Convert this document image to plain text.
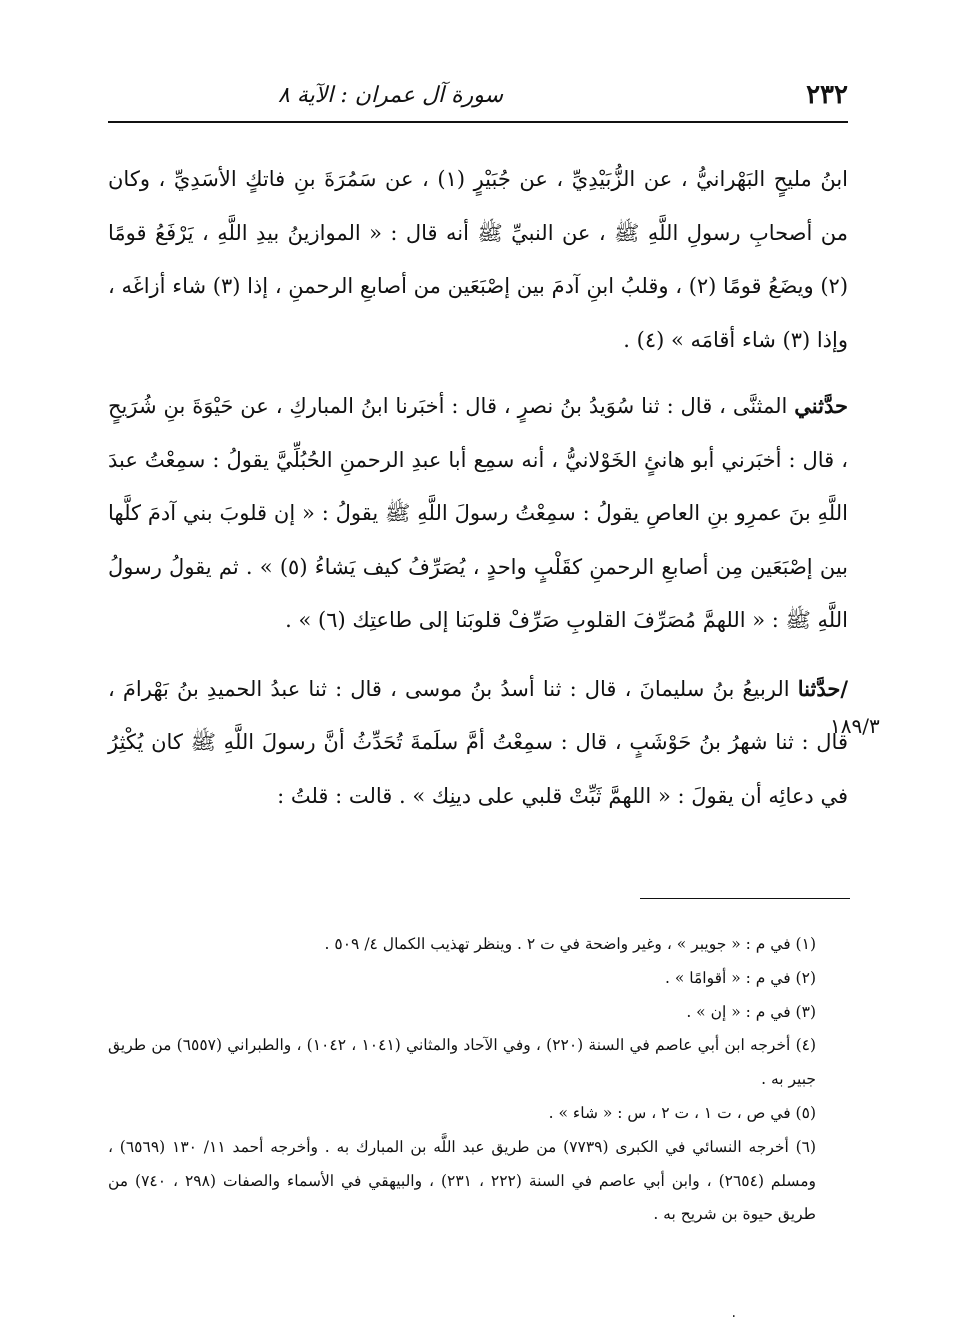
٢٣٢
سورة آل عمران : الآية ٨

ابنُ مليحٍ البَهْرانيُّ ، عن الزُّبَيْدِيِّ ، عن جُبَيْرٍ (١) ، عن سَمُرَةَ بنِ فاتكٍ الأسَدِيِّ ، وكان من أصحابِ رسولِ اللَّهِ ﷺ ، عن النبيِّ ﷺ أنه قال : « الموازينُ بيدِ اللَّهِ ، يَرْفَعُ قومًا (٢) ويضَعُ قومًا (٢) ، وقلبُ ابنِ آدمَ بين إصْبَعَين من أصابعِ الرحمنِ ، إذا (٣) شاء أزاغَه ، وإذا (٣) شاء أقامَه » (٤) .

حدَّثني المثنَّى ، قال : ثنا سُوَيدُ بنُ نصرٍ ، قال : أخبَرنا ابنُ المباركِ ، عن حَيْوَةَ بنِ شُرَيحٍ ، قال : أخبَرني أبو هانئٍ الخَوْلانيُّ ، أنه سمِع أبا عبدِ الرحمنِ الحُبُلِّيَّ يقولُ : سمِعْتُ عبدَ اللَّهِ بنَ عمرِو بنِ العاصِ يقولُ : سمِعْتُ رسولَ اللَّهِ ﷺ يقولُ : « إن قلوبَ بني آدمَ كلَّها بين إصْبَعَين مِن أصابعِ الرحمنِ كقَلْبٍ واحدٍ ، يُصَرِّفُ كيف يَشاءُ (٥) » . ثم يقولُ رسولُ اللَّهِ ﷺ : « اللهمَّ مُصَرِّفَ القلوبِ صَرِّفْ قلوبَنا إلى طاعتِك (٦) » .

/حدَّثنا الربيعُ بنُ سليمانَ ، قال : ثنا أسدُ بنُ موسى ، قال : ثنا عبدُ الحميدِ بنُ بَهْرامَ ، قال : ثنا شهرُ بنُ حَوْشَبٍ ، قال : سمِعْتُ أمَّ سلَمةَ تُحَدِّثُ أنَّ رسولَ اللَّهِ ﷺ كان يُكْثِرُ في دعائِه أن يقولَ : « اللهمَّ ثَبِّتْ قلبي على دينِك » . قالت : قلتُ :

١٨٩/٣

(١) في م : « جويبر » ، وغير واضحة في ت ٢ . وينظر تهذيب الكمال ٤/ ٥٠٩ .

(٢) في م : « أقوامًا » .

(٣) في م : « إن » .

(٤) أخرجه ابن أبي عاصم في السنة (٢٢٠) ، وفي الآحاد والمثاني (١٠٤١ ، ١٠٤٢) ، والطبراني (٦٥٥٧) من طريق جبير به .

(٥) في ص ، ت ١ ، ت ٢ ، س : « شاء » .

(٦) أخرجه النسائي في الكبرى (٧٧٣٩) من طريق عبد اللَّه بن المبارك به . وأخرجه أحمد ١١/ ١٣٠ (٦٥٦٩) ، ومسلم (٢٦٥٤) ، وابن أبي عاصم في السنة (٢٢٢ ، ٢٣١) ، والبيهقي في الأسماء والصفات (٢٩٨ ، ٧٤٠) من طريق حيوة بن شريح به .

٠
